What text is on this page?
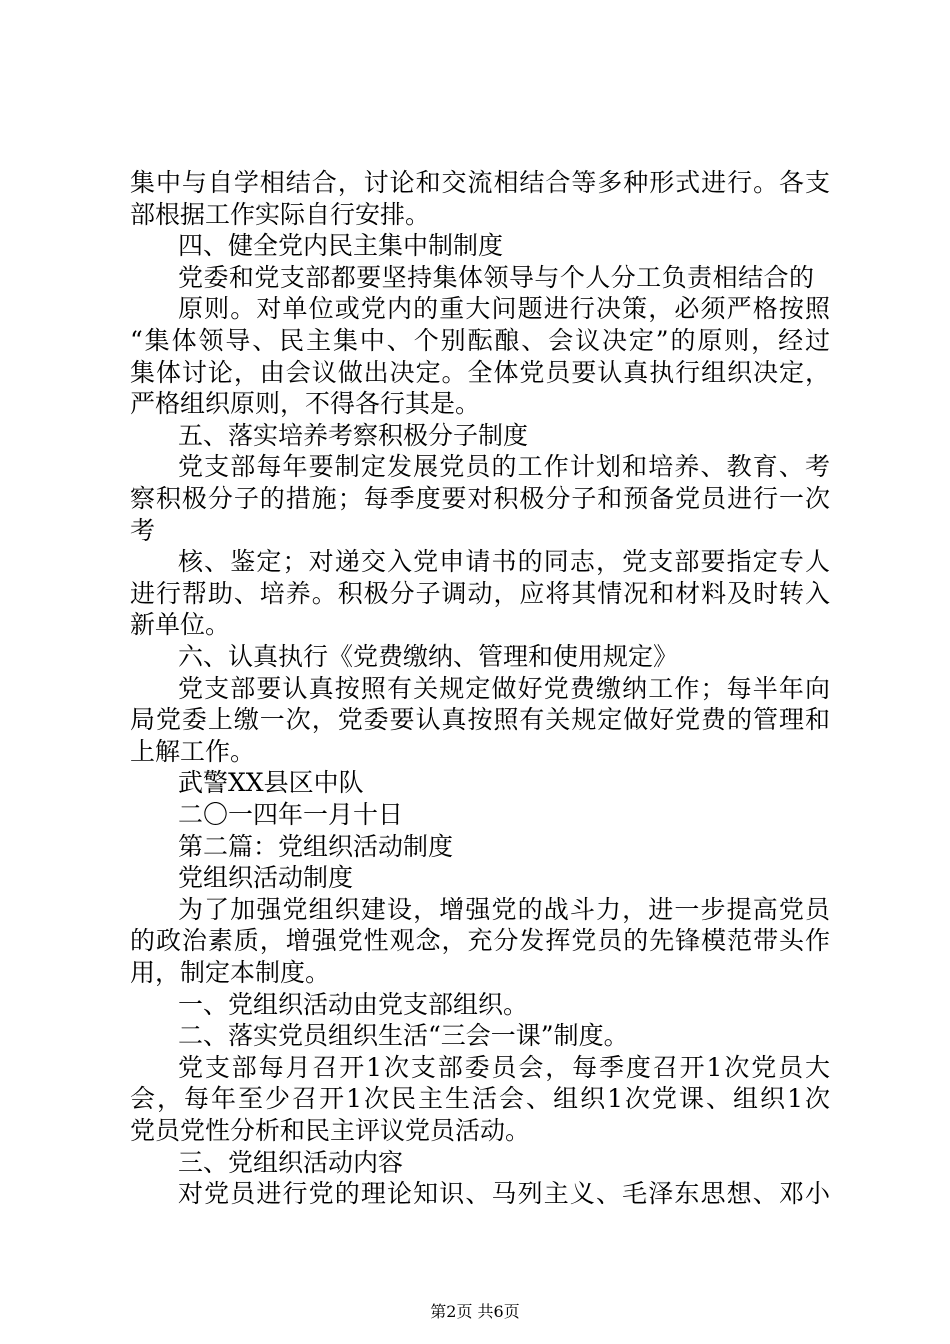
集中与自学相结合，讨论和交流相结合等多种形式进行。各支
部根据工作实际自行安排。
四、健全党内民主集中制制度
党委和党支部都要坚持集体领导与个人分工负责相结合的
原则。对单位或党内的重大问题进行决策，必须严格按照
“集体领导、民主集中、个别酝酿、会议决定”的原则，经过
集体讨论，由会议做出决定。全体党员要认真执行组织决定，
严格组织原则，不得各行其是。
五、落实培养考察积极分子制度
党支部每年要制定发展党员的工作计划和培养、教育、考
察积极分子的措施；每季度要对积极分子和预备党员进行一次
考
核、鉴定；对递交入党申请书的同志，党支部要指定专人
进行帮助、培养。积极分子调动，应将其情况和材料及时转入
新单位。
六、认真执行《党费缴纳、管理和使用规定》
党支部要认真按照有关规定做好党费缴纳工作；每半年向
局党委上缴一次，党委要认真按照有关规定做好党费的管理和
上解工作。
武警XX县区中队
二〇一四年一月十日
第二篇：党组织活动制度
党组织活动制度
为了加强党组织建设，增强党的战斗力，进一步提高党员
的政治素质，增强党性观念，充分发挥党员的先锋模范带头作
用，制定本制度。
一、党组织活动由党支部组织。
二、落实党员组织生活“三会一课”制度。
党支部每月召开1次支部委员会，每季度召开1次党员大
会，每年至少召开1次民主生活会、组织1次党课、组织1次
党员党性分析和民主评议党员活动。
三、党组织活动内容
对党员进行党的理论知识、马列主义、毛泽东思想、邓小
第2页 共6页
